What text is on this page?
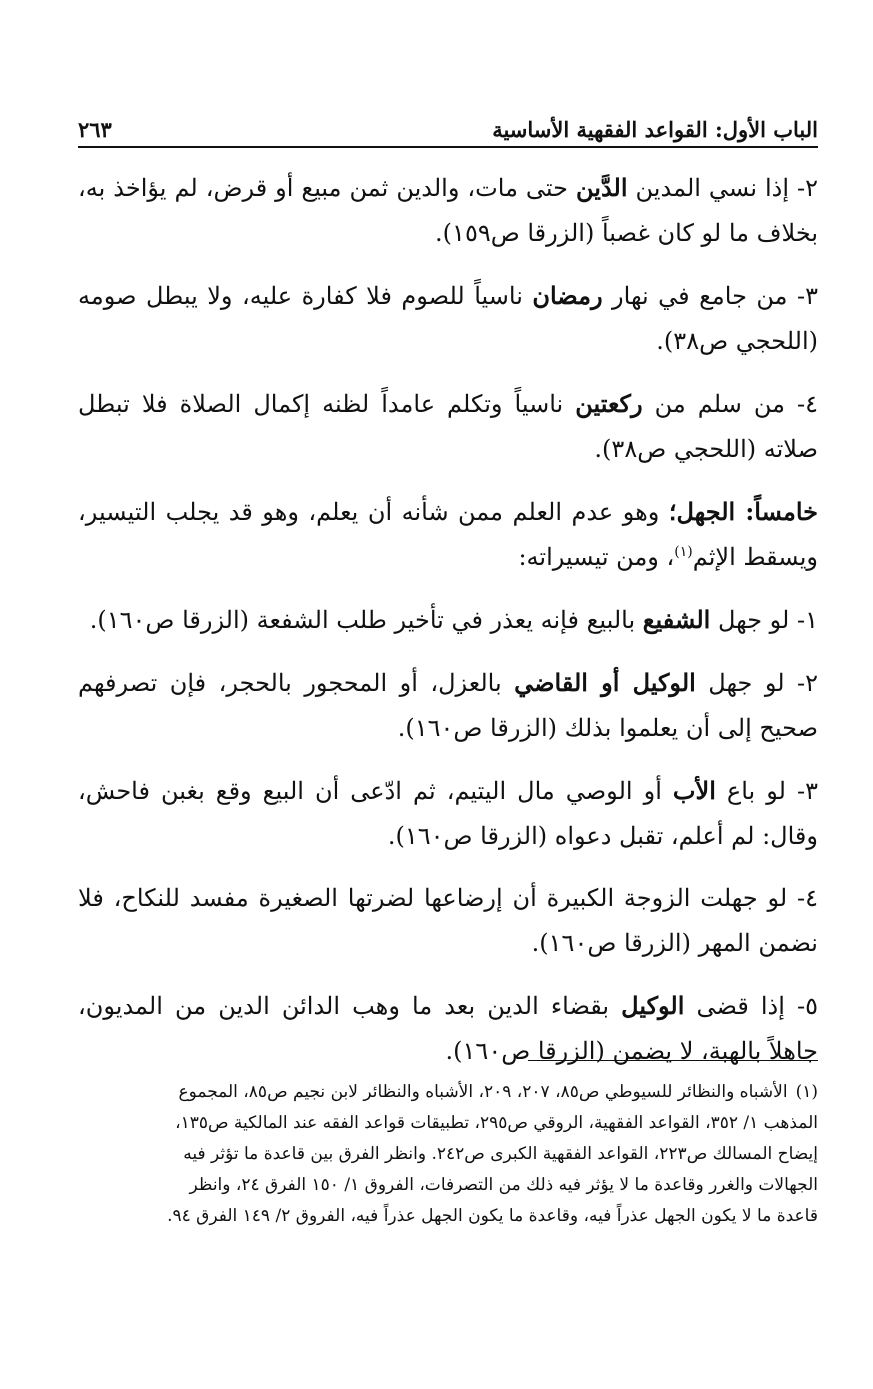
الباب الأول: القواعد الفقهية الأساسية
٢٦٣

٢- إذا نسي المدين الدَّين حتى مات، والدين ثمن مبيع أو قرض، لم يؤاخذ به، بخلاف ما لو كان غصباً (الزرقا ص١٥٩).

٣- من جامع في نهار رمضان ناسياً للصوم فلا كفارة عليه، ولا يبطل صومه (اللحجي ص٣٨).

٤- من سلم من ركعتين ناسياً وتكلم عامداً لظنه إكمال الصلاة فلا تبطل صلاته (اللحجي ص٣٨).

خامساً: الجهل؛ وهو عدم العلم ممن شأنه أن يعلم، وهو قد يجلب التيسير، ويسقط الإثم$^{(١)}$، ومن تيسيراته:

١- لو جهل الشفيع بالبيع فإنه يعذر في تأخير طلب الشفعة (الزرقا ص١٦٠).

٢- لو جهل الوكيل أو القاضي بالعزل، أو المحجور بالحجر، فإن تصرفهم صحيح إلى أن يعلموا بذلك (الزرقا ص١٦٠).

٣- لو باع الأب أو الوصي مال اليتيم، ثم ادّعى أن البيع وقع بغبن فاحش، وقال: لم أعلم، تقبل دعواه (الزرقا ص١٦٠).

٤- لو جهلت الزوجة الكبيرة أن إرضاعها لضرتها الصغيرة مفسد للنكاح، فلا نضمن المهر (الزرقا ص١٦٠).

٥- إذا قضى الوكيل بقضاء الدين بعد ما وهب الدائن الدين من المديون، جاهلاً بالهبة، لا يضمن (الزرقا ص١٦٠).

(١)الأشباه والنظائر للسيوطي ص٨٥، ٢٠٧، ٢٠٩، الأشباه والنظائر لابن نجيم ص٨٥، المجموع
المذهب ١/ ٣٥٢، القواعد الفقهية، الروقي ص٢٩٥، تطبيقات قواعد الفقه عند المالكية ص١٣٥،
إيضاح المسالك ص٢٢٣، القواعد الفقهية الكبرى ص٢٤٢. وانظر الفرق بين قاعدة ما تؤثر فيه
الجهالات والغرر وقاعدة ما لا يؤثر فيه ذلك من التصرفات، الفروق ١/ ١٥٠ الفرق ٢٤، وانظر
قاعدة ما لا يكون الجهل عذراً فيه، وقاعدة ما يكون الجهل عذراً فيه، الفروق ٢/ ١٤٩ الفرق ٩٤.
